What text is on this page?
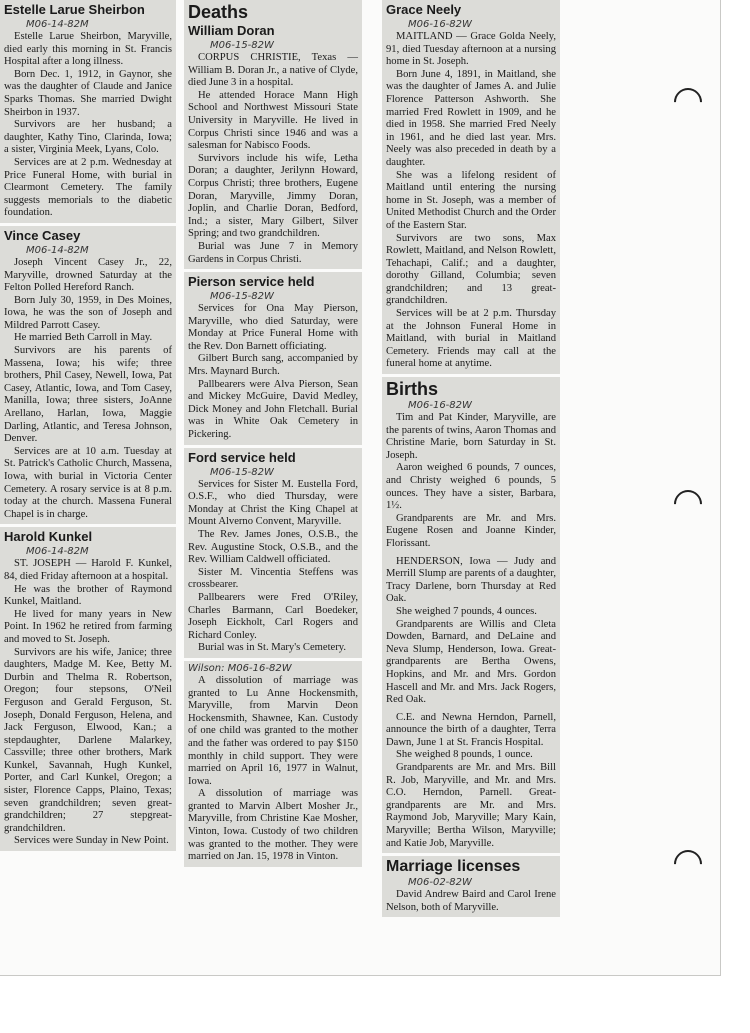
Estelle Larue Sheirbon
M06-14-82M

Estelle Larue Sheirbon, Maryville, died early this morning in St. Francis Hospital after a long illness.

Born Dec. 1, 1912, in Gaynor, she was the daughter of Claude and Janice Sparks Thomas. She married Dwight Sheirbon in 1937.

Survivors are her husband; a daughter, Kathy Tino, Clarinda, Iowa; a sister, Virginia Meek, Lyans, Colo.

Services are at 2 p.m. Wednesday at Price Funeral Home, with burial in Clearmont Cemetery. The family suggests memorials to the diabetic foundation.

Vince Casey
M06-14-82M

Joseph Vincent Casey Jr., 22, Maryville, drowned Saturday at the Felton Polled Hereford Ranch.

Born July 30, 1959, in Des Moines, Iowa, he was the son of Joseph and Mildred Parrott Casey.

He married Beth Carroll in May.

Survivors are his parents of Massena, Iowa; his wife; three brothers, Phil Casey, Newell, Iowa, Pat Casey, Atlantic, Iowa, and Tom Casey, Manilla, Iowa; three sisters, JoAnne Arellano, Harlan, Iowa, Maggie Darling, Atlantic, and Teresa Johnson, Denver.

Services are at 10 a.m. Tuesday at St. Patrick's Catholic Church, Massena, Iowa, with burial in Victoria Center Cemetery. A rosary service is at 8 p.m. today at the church. Massena Funeral Chapel is in charge.

Harold Kunkel
M06-14-82M

ST. JOSEPH — Harold F. Kunkel, 84, died Friday afternoon at a hospital.

He was the brother of Raymond Kunkel, Maitland.

He lived for many years in New Point. In 1962 he retired from farming and moved to St. Joseph.

Survivors are his wife, Janice; three daughters, Madge M. Kee, Betty M. Durbin and Thelma R. Robertson, Oregon; four stepsons, O'Neil Ferguson and Gerald Ferguson, St. Joseph, Donald Ferguson, Helena, and Jack Ferguson, Elwood, Kan.; a stepdaughter, Darlene Malarkey, Cassville; three other brothers, Mark Kunkel, Savannah, Hugh Kunkel, Porter, and Carl Kunkel, Oregon; a sister, Florence Capps, Plaino, Texas; seven grandchildren; seven great-grandchildren; 27 stepgreat-grandchildren.

Services were Sunday in New Point.

Deaths
William Doran
M06-15-82W

CORPUS CHRISTIE, Texas — William B. Doran Jr., a native of Clyde, died June 3 in a hospital.

He attended Horace Mann High School and Northwest Missouri State University in Maryville. He lived in Corpus Christi since 1946 and was a salesman for Nabisco Foods.

Survivors include his wife, Letha Doran; a daughter, Jerilynn Howard, Corpus Christi; three brothers, Eugene Doran, Maryville, Jimmy Doran, Joplin, and Charlie Doran, Bedford, Ind.; a sister, Mary Gilbert, Silver Spring; and two grandchildren.

Burial was June 7 in Memory Gardens in Corpus Christi.

Pierson service held
M06-15-82W

Services for Ona May Pierson, Maryville, who died Saturday, were Monday at Price Funeral Home with the Rev. Don Barnett officiating.

Gilbert Burch sang, accompanied by Mrs. Maynard Burch.

Pallbearers were Alva Pierson, Sean and Mickey McGuire, David Medley, Dick Money and John Fletchall. Burial was in White Oak Cemetery in Pickering.

Ford service held
M06-15-82W

Services for Sister M. Eustella Ford, O.S.F., who died Thursday, were Monday at Christ the King Chapel at Mount Alverno Convent, Maryville.

The Rev. James Jones, O.S.B., the Rev. Augustine Stock, O.S.B., and the Rev. William Caldwell officiated.

Sister M. Vincentia Steffens was crossbearer.

Pallbearers were Fred O'Riley, Charles Barmann, Carl Boedeker, Joseph Eickholt, Carl Rogers and Richard Conley.

Burial was in St. Mary's Cemetery.

Wilson: M06-16-82W

A dissolution of marriage was granted to Lu Anne Hockensmith, Maryville, from Marvin Deon Hockensmith, Shawnee, Kan. Custody of one child was granted to the mother and the father was ordered to pay $150 monthly in child support. They were married on April 16, 1977 in Walnut, Iowa.

A dissolution of marriage was granted to Marvin Albert Mosher Jr., Maryville, from Christine Kae Mosher, Vinton, Iowa. Custody of two children was granted to the mother. They were married on Jan. 15, 1978 in Vinton.

Grace Neely
M06-16-82W

MAITLAND — Grace Golda Neely, 91, died Tuesday afternoon at a nursing home in St. Joseph.

Born June 4, 1891, in Maitland, she was the daughter of James A. and Julie Florence Patterson Ashworth. She married Fred Rowlett in 1909, and he died in 1958. She married Fred Neely in 1961, and he died last year. Mrs. Neely was also preceded in death by a daughter.

She was a lifelong resident of Maitland until entering the nursing home in St. Joseph, was a member of United Methodist Church and the Order of the Eastern Star.

Survivors are two sons, Max Rowlett, Maitland, and Nelson Rowlett, Tehachapi, Calif.; and a daughter, dorothy Gilland, Columbia; seven grandchildren; and 13 great-grandchildren.

Services will be at 2 p.m. Thursday at the Johnson Funeral Home in Maitland, with burial in Maitland Cemetery. Friends may call at the funeral home at anytime.

Births
M06-16-82W

Tim and Pat Kinder, Maryville, are the parents of twins, Aaron Thomas and Christine Marie, born Saturday in St. Joseph.

Aaron weighed 6 pounds, 7 ounces, and Christy weighed 6 pounds, 5 ounces. They have a sister, Barbara, 1½.

Grandparents are Mr. and Mrs. Eugene Rosen and Joanne Kinder, Florissant.

HENDERSON, Iowa — Judy and Merrill Slump are parents of a daughter, Tracy Darlene, born Thursday at Red Oak.

She weighed 7 pounds, 4 ounces.

Grandparents are Willis and Cleta Dowden, Barnard, and DeLaine and Neva Slump, Henderson, Iowa. Great-grandparents are Bertha Owens, Hopkins, and Mr. and Mrs. Gordon Hascell and Mr. and Mrs. Jack Rogers, Red Oak.

C.E. and Newna Herndon, Parnell, announce the birth of a daughter, Terra Dawn, June 1 at St. Francis Hospital.

She weighed 8 pounds, 1 ounce.

Grandparents are Mr. and Mrs. Bill R. Job, Maryville, and Mr. and Mrs. C.O. Herndon, Parnell. Great-grandparents are Mr. and Mrs. Raymond Job, Maryville; Mary Kain, Maryville; Bertha Wilson, Maryville; and Katie Job, Maryville.

Marriage licenses
M06-02-82W

David Andrew Baird and Carol Irene Nelson, both of Maryville.
